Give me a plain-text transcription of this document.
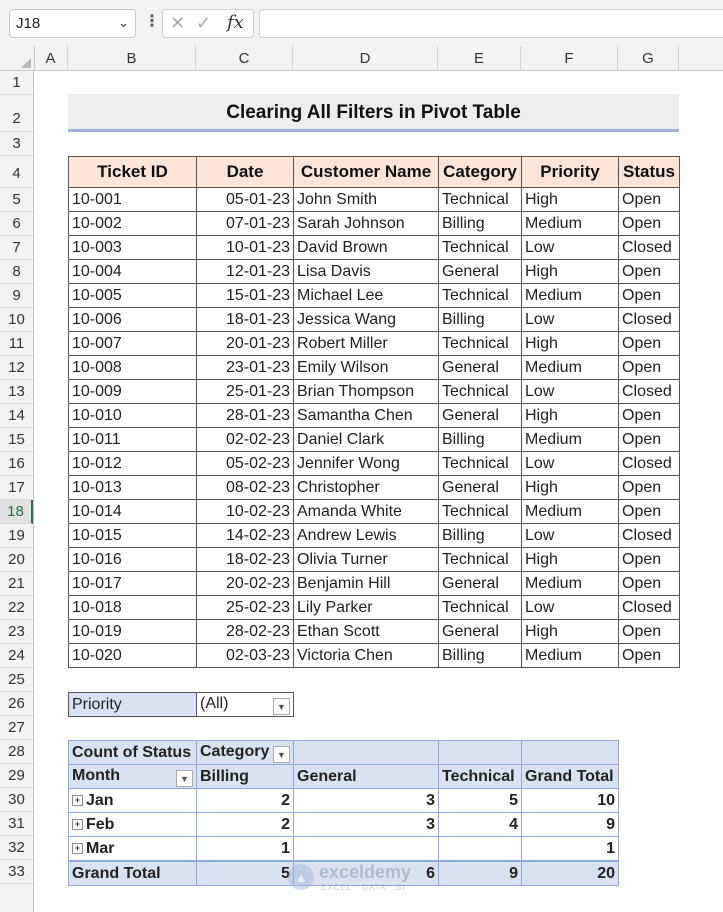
J18	⌄ ⋮ ✕ ✓ fx
A	B	C	D	E	F	G
1
2
3
4
5
6
7
8
9
10
11
12
13
14
15
16
17
18
19
20
21
22
23
24
25
26
27
28
29
30
31
32
33
Clearing All Filters in Pivot Table
Ticket ID	Date	Customer Name	Category	Priority	Status
10-001	05-01-23	John Smith	Technical	High	Open
10-002	07-01-23	Sarah Johnson	Billing	Medium	Open
10-003	10-01-23	David Brown	Technical	Low	Closed
10-004	12-01-23	Lisa Davis	General	High	Open
10-005	15-01-23	Michael Lee	Technical	Medium	Open
10-006	18-01-23	Jessica Wang	Billing	Low	Closed
10-007	20-01-23	Robert Miller	Technical	High	Open
10-008	23-01-23	Emily Wilson	General	Medium	Open
10-009	25-01-23	Brian Thompson	Technical	Low	Closed
10-010	28-01-23	Samantha Chen	General	High	Open
10-011	02-02-23	Daniel Clark	Billing	Medium	Open
10-012	05-02-23	Jennifer Wong	Technical	Low	Closed
10-013	08-02-23	Christopher	General	High	Open
10-014	10-02-23	Amanda White	Technical	Medium	Open
10-015	14-02-23	Andrew Lewis	Billing	Low	Closed
10-016	18-02-23	Olivia Turner	Technical	High	Open
10-017	20-02-23	Benjamin Hill	General	Medium	Open
10-018	25-02-23	Lily Parker	Technical	Low	Closed
10-019	28-02-23	Ethan Scott	General	High	Open
10-020	02-03-23	Victoria Chen	Billing	Medium	Open
Priority	(All)	▼
Count of Status	Category ▼			

Month ▼	Billing	General	Technical	Grand Total
+ Jan	2	3	5	10
+ Feb	2	3	4	9
+ Mar	1			1
Grand Total	5	6	9	20
▲ exceldemy
EXCEL · DATA · BI
